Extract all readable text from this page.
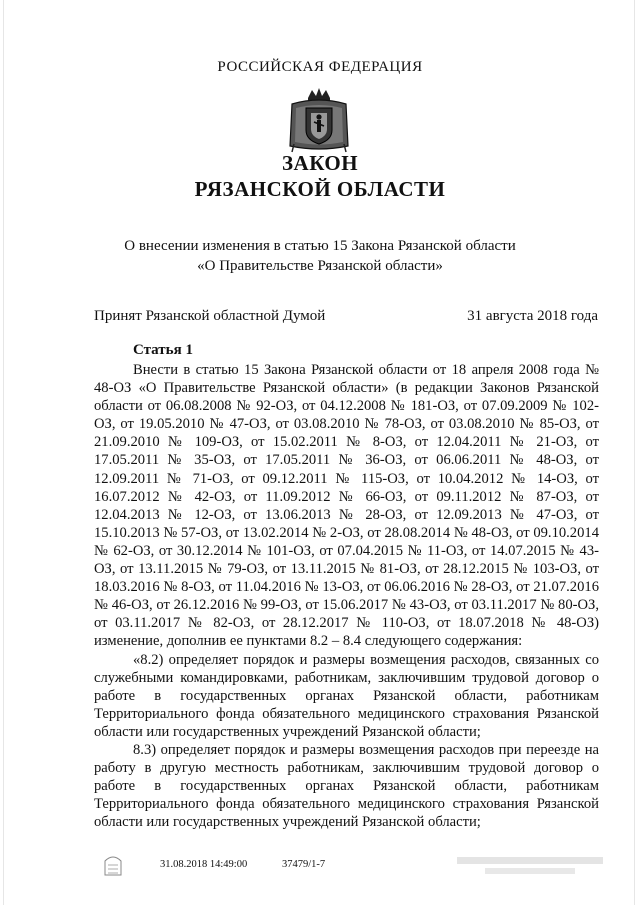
РОССИЙСКАЯ ФЕДЕРАЦИЯ
ЗАКОН
РЯЗАНСКОЙ ОБЛАСТИ
О внесении изменения в статью 15 Закона Рязанской области
«О Правительстве Рязанской области»
Принят Рязанской областной Думой	31 августа 2018 года
Статья 1

Внести в статью 15 Закона Рязанской области от 18 апреля 2008 года № 48-ОЗ «О Правительстве Рязанской области» (в редакции Законов Рязанской области от 06.08.2008 № 92-ОЗ, от 04.12.2008 № 181-ОЗ, от 07.09.2009 № 102-ОЗ, от 19.05.2010 № 47-ОЗ, от 03.08.2010 № 78-ОЗ, от 03.08.2010 № 85-ОЗ, от 21.09.2010 № 109-ОЗ, от 15.02.2011 № 8-ОЗ, от 12.04.2011 № 21-ОЗ, от 17.05.2011 № 35-ОЗ, от 17.05.2011 № 36-ОЗ, от 06.06.2011 № 48-ОЗ, от 12.09.2011 № 71-ОЗ, от 09.12.2011 № 115-ОЗ, от 10.04.2012 № 14-ОЗ, от 16.07.2012 № 42-ОЗ, от 11.09.2012 № 66-ОЗ, от 09.11.2012 № 87-ОЗ, от 12.04.2013 № 12-ОЗ, от 13.06.2013 № 28-ОЗ, от 12.09.2013 № 47-ОЗ, от 15.10.2013 № 57-ОЗ, от 13.02.2014 № 2-ОЗ, от 28.08.2014 № 48-ОЗ, от 09.10.2014 № 62-ОЗ, от 30.12.2014 № 101-ОЗ, от 07.04.2015 № 11-ОЗ, от 14.07.2015 № 43-ОЗ, от 13.11.2015 № 79-ОЗ, от 13.11.2015 № 81-ОЗ, от 28.12.2015 № 103-ОЗ, от 18.03.2016 № 8-ОЗ, от 11.04.2016 № 13-ОЗ, от 06.06.2016 № 28-ОЗ, от 21.07.2016 № 46-ОЗ, от 26.12.2016 № 99-ОЗ, от 15.06.2017 № 43-ОЗ, от 03.11.2017 № 80-ОЗ, от 03.11.2017 № 82-ОЗ, от 28.12.2017 № 110-ОЗ, от 18.07.2018 № 48-ОЗ) изменение, дополнив ее пунктами 8.2 – 8.4 следующего содержания:

«8.2) определяет порядок и размеры возмещения расходов, связанных со служебными командировками, работникам, заключившим трудовой договор о работе в государственных органах Рязанской области, работникам Территориального фонда обязательного медицинского страхования Рязанской области или государственных учреждений Рязанской области;

8.3) определяет порядок и размеры возмещения расходов при переезде на работу в другую местность работникам, заключившим трудовой договор о работе в государственных органах Рязанской области, работникам Территориального фонда обязательного медицинского страхования Рязанской области или государственных учреждений Рязанской области;

31.08.2018 14:49:00	37479/1-7
